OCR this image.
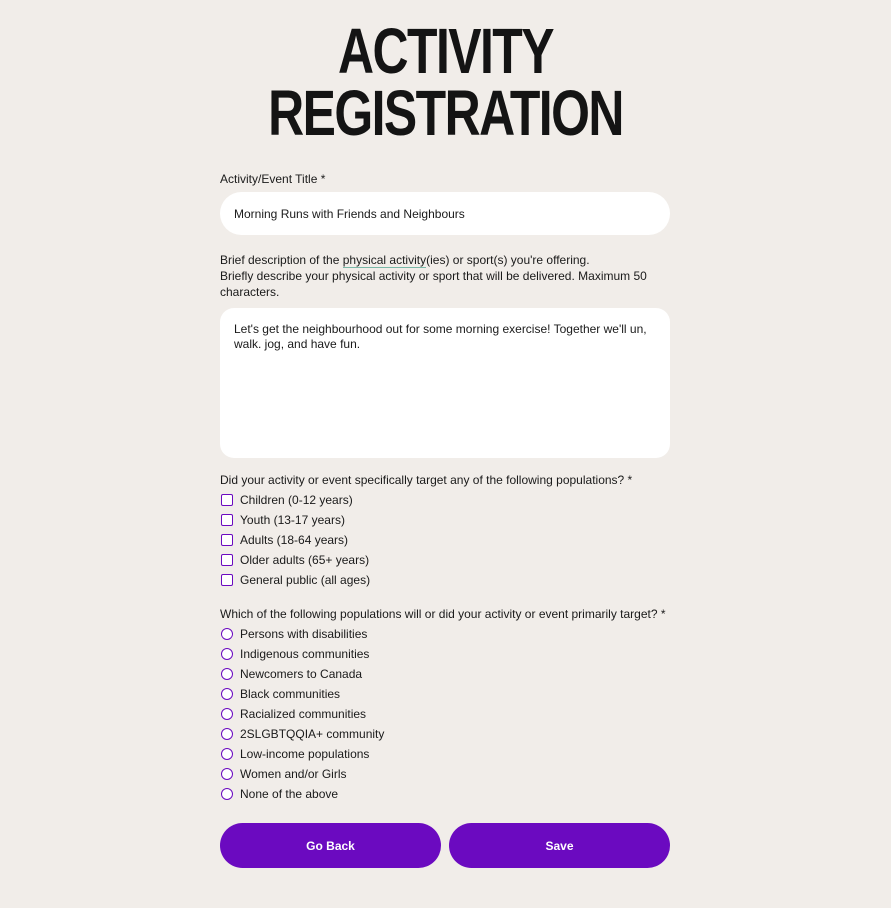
ACTIVITY
REGISTRATION
Activity/Event Title *
Morning Runs with Friends and Neighbours
Brief description of the physical activity(ies) or sport(s) you're offering.
Briefly describe your physical activity or sport that will be delivered. Maximum 50 characters.
Let's get the neighbourhood out for some morning exercise! Together we'll un, walk. jog, and have fun.
Did your activity or event specifically target any of the following populations? *
Children (0-12 years)
Youth (13-17 years)
Adults (18-64 years)
Older adults (65+ years)
General public (all ages)
Which of the following populations will or did your activity or event primarily target? *
Persons with disabilities
Indigenous communities
Newcomers to Canada
Black communities
Racialized communities
2SLGBTQQIA+ community
Low-income populations
Women and/or Girls
None of the above
Go Back	Save
